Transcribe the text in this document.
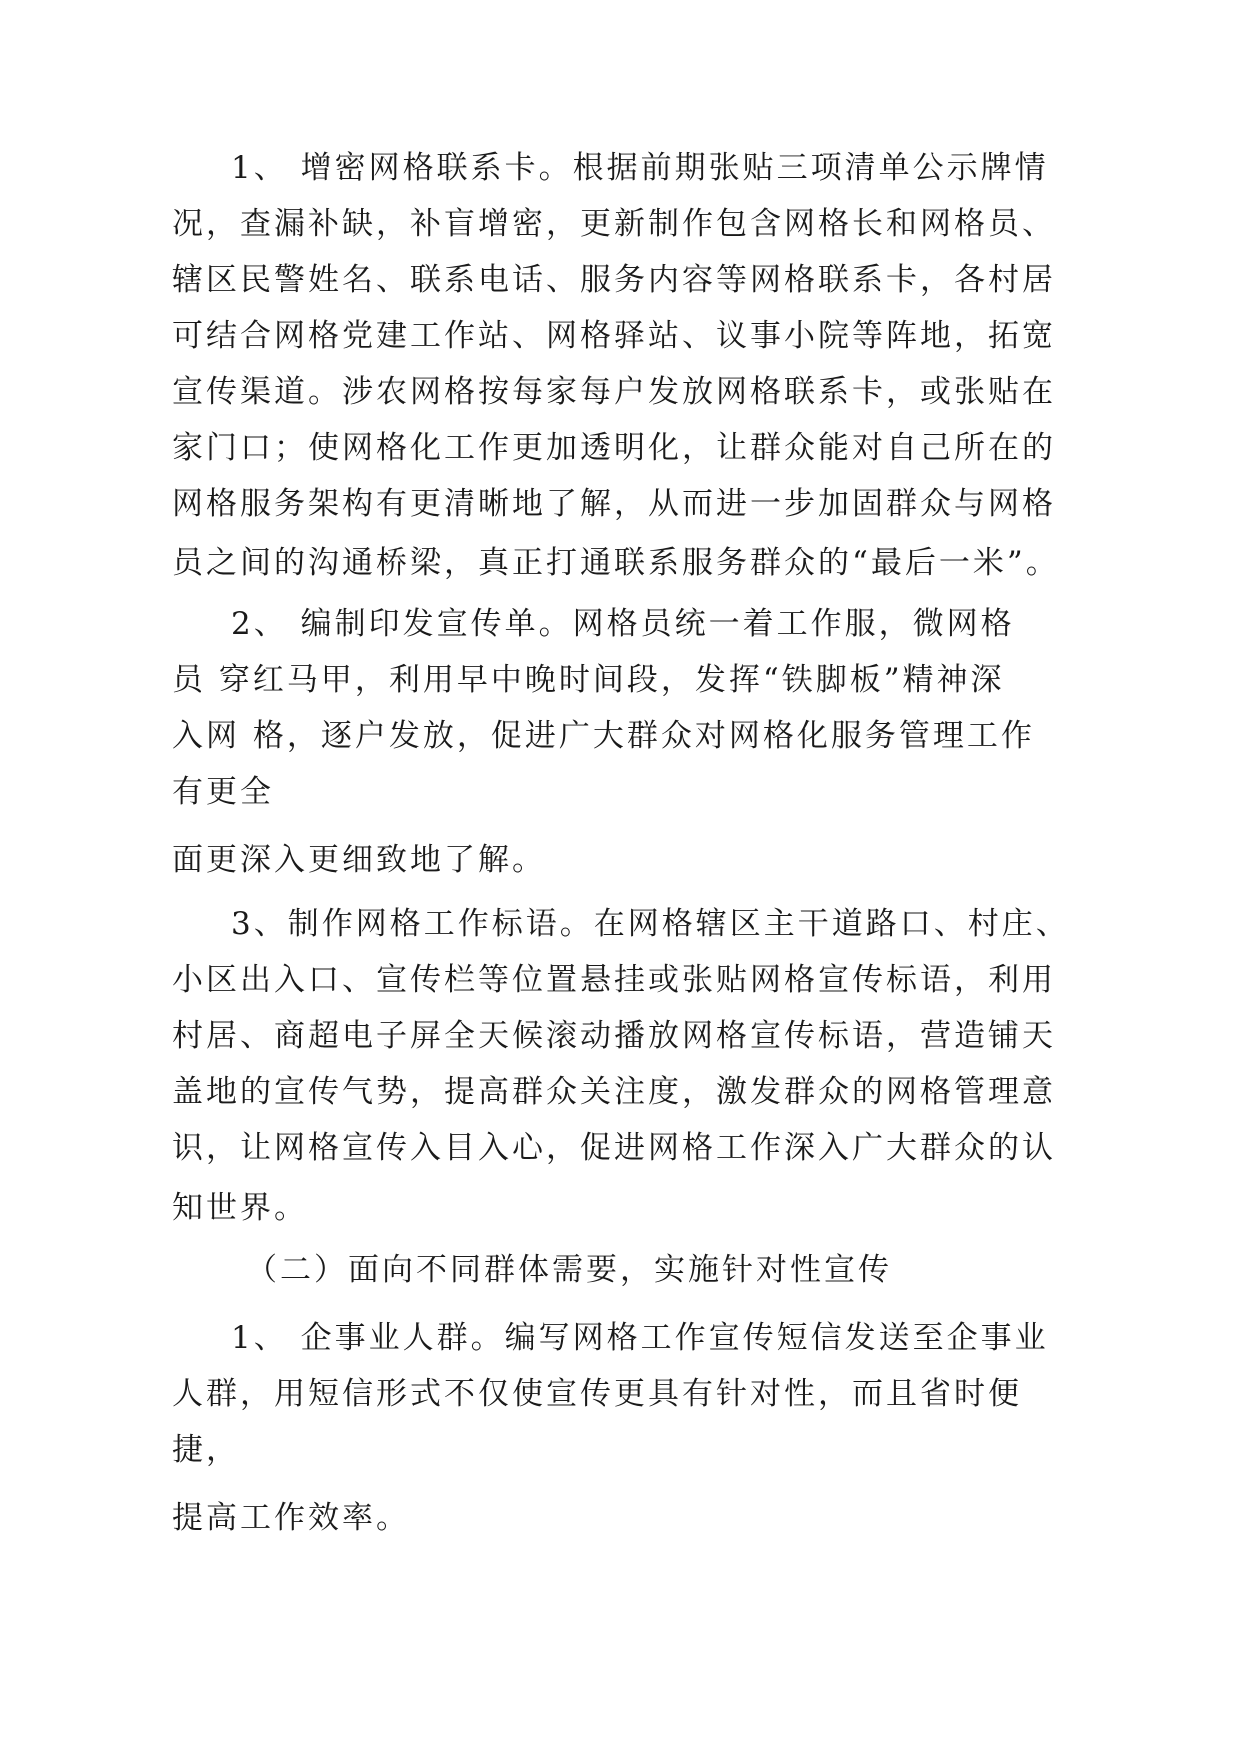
1、 增密网格联系卡。根据前期张贴三项清单公示牌情
况，查漏补缺，补盲增密，更新制作包含网格长和网格员、
辖区民警姓名、联系电话、服务内容等网格联系卡，各村居
可结合网格党建工作站、网格驿站、议事小院等阵地，拓宽
宣传渠道。涉农网格按每家每户发放网格联系卡，或张贴在
家门口；使网格化工作更加透明化，让群众能对自己所在的
网格服务架构有更清晰地了解，从而进一步加固群众与网格
员之间的沟通桥梁，真正打通联系服务群众的“最后一米”。
2、 编制印发宣传单。网格员统一着工作服，微网格
员 穿红马甲，利用早中晚时间段，发挥“铁脚板”精神深
入网 格，逐户发放，促进广大群众对网格化服务管理工作
有更全
面更深入更细致地了解。
3、制作网格工作标语。在网格辖区主干道路口、村庄、
小区出入口、宣传栏等位置悬挂或张贴网格宣传标语，利用
村居、商超电子屏全天候滚动播放网格宣传标语，营造铺天
盖地的宣传气势，提高群众关注度，激发群众的网格管理意
识，让网格宣传入目入心，促进网格工作深入广大群众的认
知世界。
（二）面向不同群体需要，实施针对性宣传
1、 企事业人群。编写网格工作宣传短信发送至企事业
人群，用短信形式不仅使宣传更具有针对性，而且省时便
捷，
提高工作效率。
